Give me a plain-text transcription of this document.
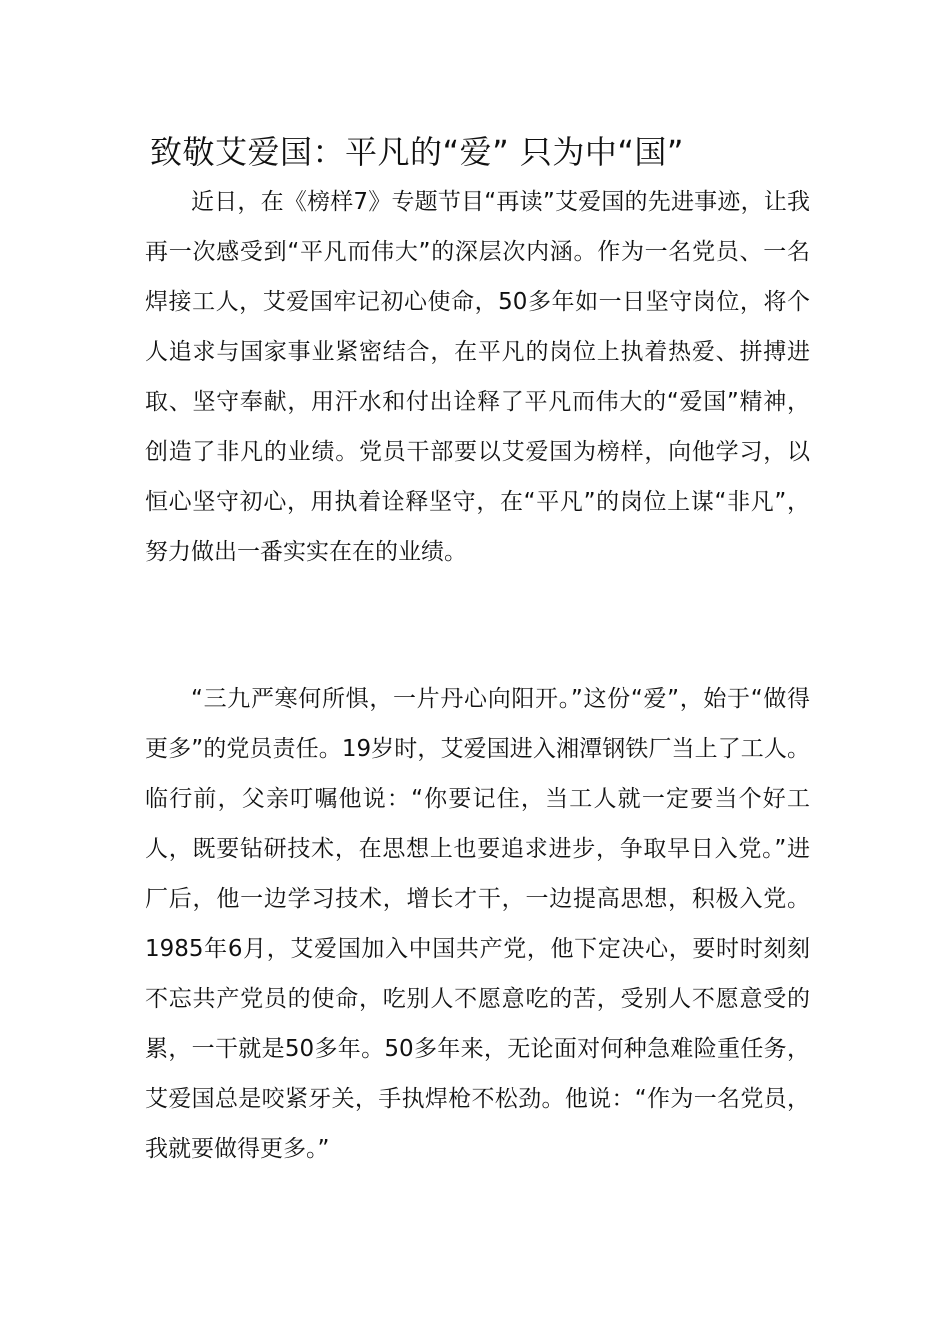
致敬艾爱国：平凡的“爱” 只为中“国”

近日，在《榜样7》专题节目“再读”艾爱国的先进事迹，让我再一次感受到“平凡而伟大”的深层次内涵。作为一名党员、一名焊接工人，艾爱国牢记初心使命，50多年如一日坚守岗位，将个人追求与国家事业紧密结合，在平凡的岗位上执着热爱、拼搏进取、坚守奉献，用汗水和付出诠释了平凡而伟大的“爱国”精神，创造了非凡的业绩。党员干部要以艾爱国为榜样，向他学习，以恒心坚守初心，用执着诠释坚守，在“平凡”的岗位上谋“非凡”，努力做出一番实实在在的业绩。

“三九严寒何所惧，一片丹心向阳开。”这份“爱”，始于“做得更多”的党员责任。19岁时，艾爱国进入湘潭钢铁厂当上了工人。临行前，父亲叮嘱他说：“你要记住，当工人就一定要当个好工人，既要钻研技术，在思想上也要追求进步，争取早日入党。”进厂后，他一边学习技术，增长才干，一边提高思想，积极入党。1985年6月，艾爱国加入中国共产党，他下定决心，要时时刻刻不忘共产党员的使命，吃别人不愿意吃的苦，受别人不愿意受的累，一干就是50多年。50多年来，无论面对何种急难险重任务，艾爱国总是咬紧牙关，手执焊枪不松劲。他说：“作为一名党员，我就要做得更多。”
